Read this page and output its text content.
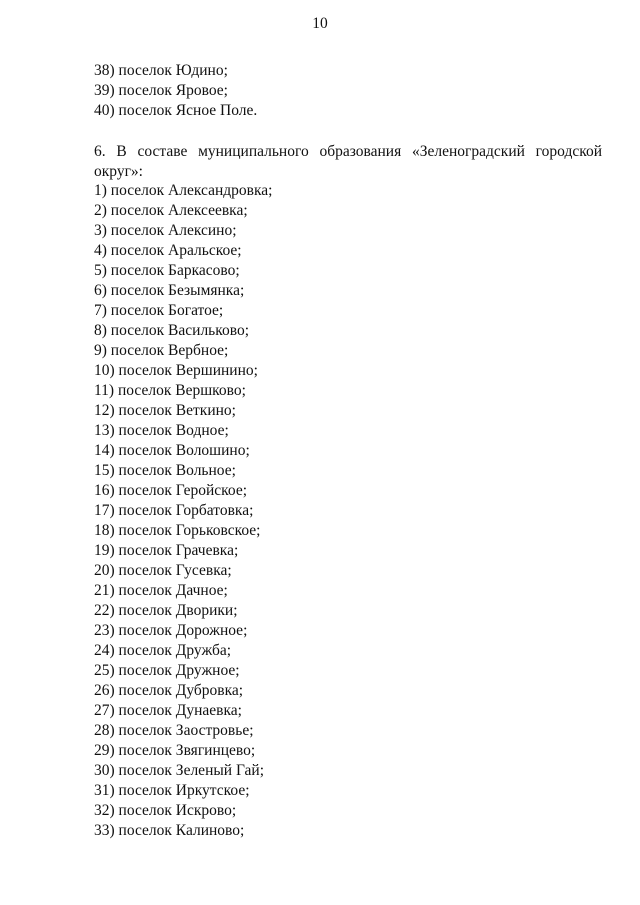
10
38) поселок Юдино;
39) поселок Яровое;
40) поселок Ясное Поле.
6. В составе муниципального образования «Зеленоградский городской
округ»:
1) поселок Александровка;
2) поселок Алексеевка;
3) поселок Алексино;
4) поселок Аральское;
5) поселок Баркасово;
6) поселок Безымянка;
7) поселок Богатое;
8) поселок Васильково;
9) поселок Вербное;
10) поселок Вершинино;
11) поселок Вершково;
12) поселок Веткино;
13) поселок Водное;
14) поселок Волошино;
15) поселок Вольное;
16) поселок Геройское;
17) поселок Горбатовка;
18) поселок Горьковское;
19) поселок Грачевка;
20) поселок Гусевка;
21) поселок Дачное;
22) поселок Дворики;
23) поселок Дорожное;
24) поселок Дружба;
25) поселок Дружное;
26) поселок Дубровка;
27) поселок Дунаевка;
28) поселок Заостровье;
29) поселок Звягинцево;
30) поселок Зеленый Гай;
31) поселок Иркутское;
32) поселок Искрово;
33) поселок Калиново;
